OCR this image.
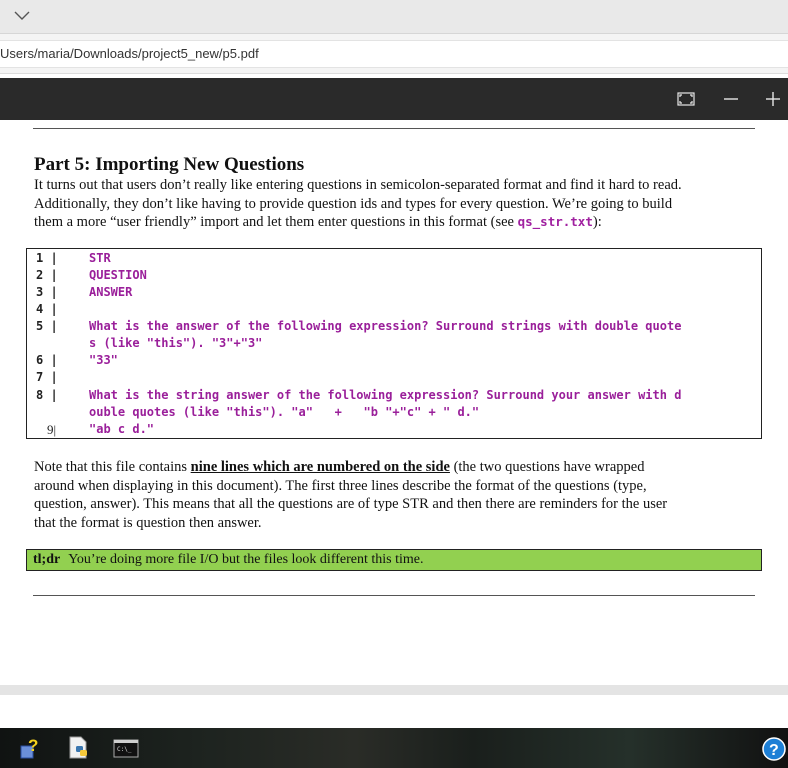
Users/maria/Downloads/project5_new/p5.pdf
Part 5: Importing New Questions
It turns out that users don’t really like entering questions in semicolon-separated format and find it hard to read.
Additionally, they don’t like having to provide question ids and types for every question. We’re going to build
them a more “user friendly” import and let them enter questions in this format (see qs_str.txt):
1 |	STR
2 |	QUESTION
3 |	ANSWER
4 |
5 |	What is the answer of the following expression? Surround strings with double quote
s (like "this"). "3"+"3"
6 |	"33"
7 |
8 |	What is the string answer of the following expression? Surround your answer with d
ouble quotes (like "this"). "a"   +   "b "+"c" + " d."
9|	"ab c d."
Note that this file contains nine lines which are numbered on the side (the two questions have wrapped
around when displaying in this document). The first three lines describe the format of the questions (type,
question, answer). This means that all the questions are of type STR and then there are reminders for the user
that the format is question then answer.
tl;dr You’re doing more file I/O but the files look different this time.
?	C:\_	?
